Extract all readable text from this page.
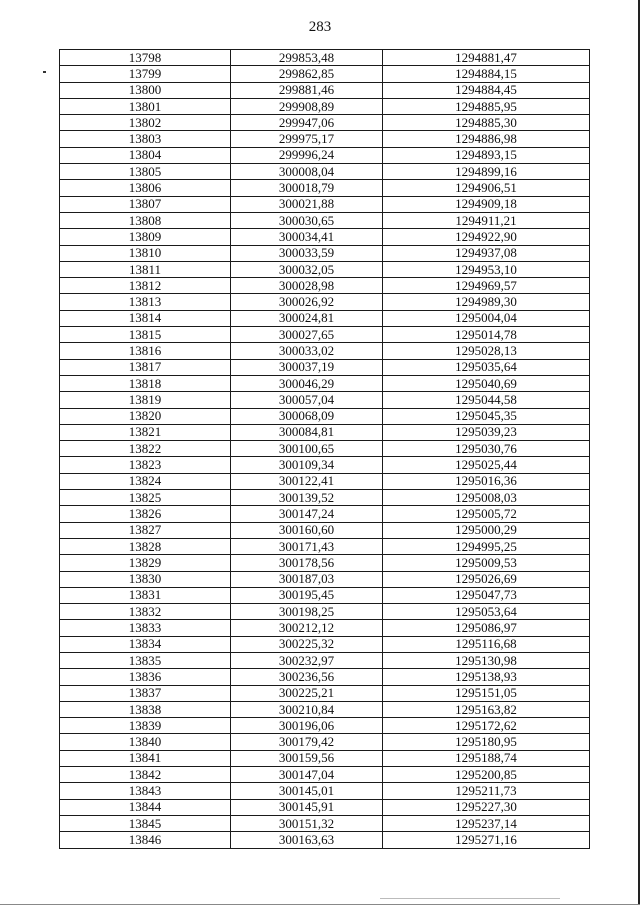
283
13798	299853,48	1294881,47
13799	299862,85	1294884,15
13800	299881,46	1294884,45
13801	299908,89	1294885,95
13802	299947,06	1294885,30
13803	299975,17	1294886,98
13804	299996,24	1294893,15
13805	300008,04	1294899,16
13806	300018,79	1294906,51
13807	300021,88	1294909,18
13808	300030,65	1294911,21
13809	300034,41	1294922,90
13810	300033,59	1294937,08
13811	300032,05	1294953,10
13812	300028,98	1294969,57
13813	300026,92	1294989,30
13814	300024,81	1295004,04
13815	300027,65	1295014,78
13816	300033,02	1295028,13
13817	300037,19	1295035,64
13818	300046,29	1295040,69
13819	300057,04	1295044,58
13820	300068,09	1295045,35
13821	300084,81	1295039,23
13822	300100,65	1295030,76
13823	300109,34	1295025,44
13824	300122,41	1295016,36
13825	300139,52	1295008,03
13826	300147,24	1295005,72
13827	300160,60	1295000,29
13828	300171,43	1294995,25
13829	300178,56	1295009,53
13830	300187,03	1295026,69
13831	300195,45	1295047,73
13832	300198,25	1295053,64
13833	300212,12	1295086,97
13834	300225,32	1295116,68
13835	300232,97	1295130,98
13836	300236,56	1295138,93
13837	300225,21	1295151,05
13838	300210,84	1295163,82
13839	300196,06	1295172,62
13840	300179,42	1295180,95
13841	300159,56	1295188,74
13842	300147,04	1295200,85
13843	300145,01	1295211,73
13844	300145,91	1295227,30
13845	300151,32	1295237,14
13846	300163,63	1295271,16
